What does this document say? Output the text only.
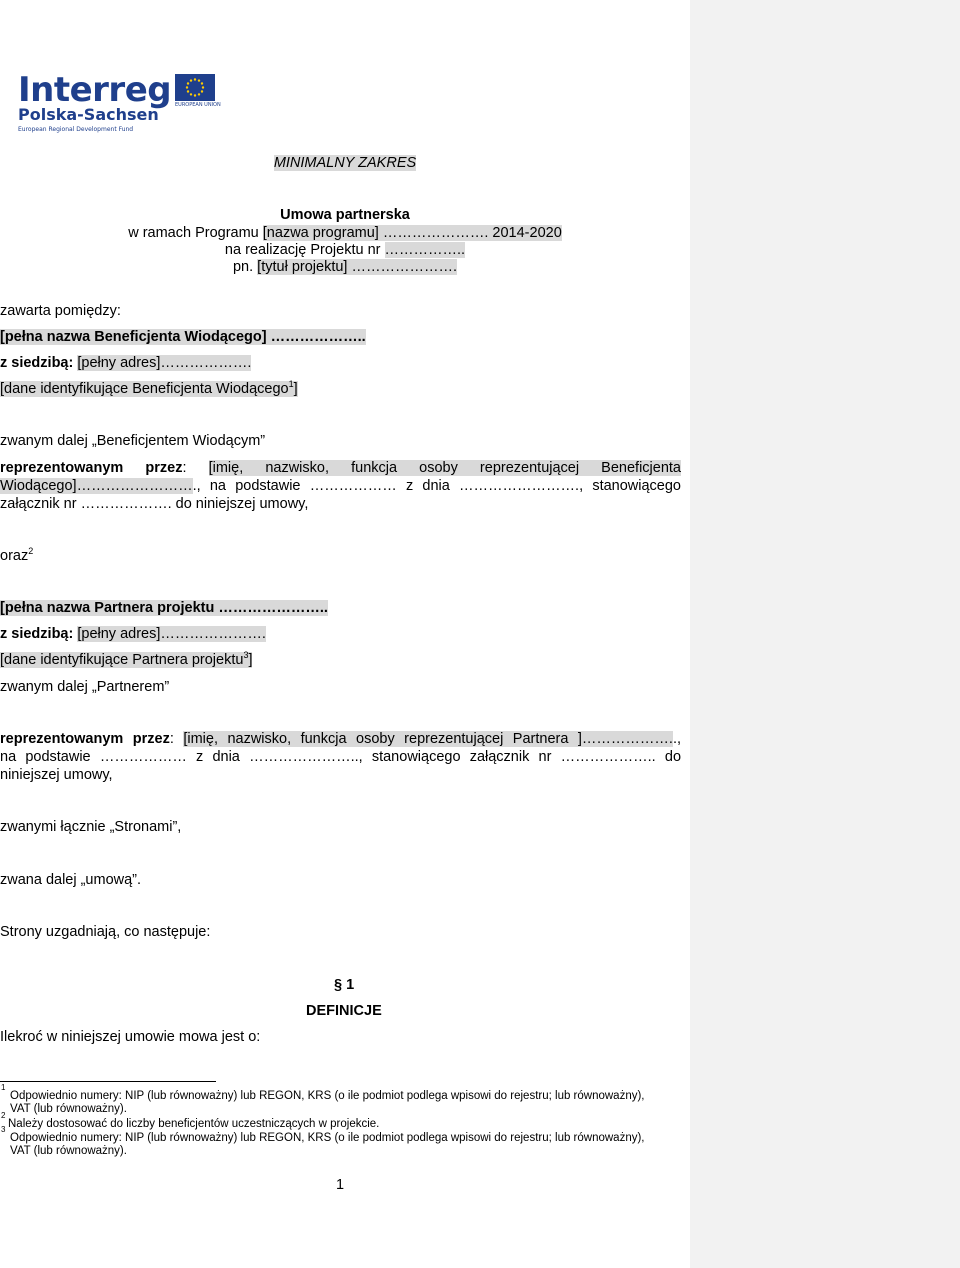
Interreg
Polska-Sachsen
European Regional Development Fund
EUROPEAN UNION
MINIMALNY ZAKRES
Umowa partnerska
w ramach Programu [nazwa programu] …………………. 2014-2020
na realizację Projektu nr ……………..
pn. [tytuł projektu] ………………….
zawarta pomiędzy:
[pełna nazwa Beneficjenta Wiodącego] ………………..
z siedzibą: [pełny adres]……………….
[dane identyfikujące Beneficjenta Wiodącego$^1$]
zwanym dalej „Beneficjentem Wiodącym”
reprezentowanym przez: [imię, nazwisko, funkcja osoby reprezentującej Beneficjenta
Wiodącego]……………………., na podstawie ……………… z dnia ……………………., stanowiącego
załącznik nr ………………. do niniejszej umowy,
oraz$^2$
[pełna nazwa Partnera projektu …………………..
z siedzibą: [pełny adres]………………….
[dane identyfikujące Partnera projektu$^3$]
zwanym dalej „Partnerem”
reprezentowanym przez: [imię, nazwisko, funkcja osoby reprezentującej Partnera ]………………..,
na podstawie ……………… z dnia ………………….., stanowiącego załącznik nr ……………….. do
niniejszej umowy,
zwanymi łącznie „Stronami”,
zwana dalej „umową”.
Strony uzgadniają, co następuje:
§ 1
DEFINICJE
Ilekroć w niniejszej umowie mowa jest o:
1
Odpowiednio numery: NIP (lub równoważny) lub REGON, KRS (o ile podmiot podlega wpisowi do rejestru; lub równoważny),
VAT (lub równoważny).
2
Należy dostosować do liczby beneficjentów uczestniczących w projekcie.
3
Odpowiednio numery: NIP (lub równoważny) lub REGON, KRS (o ile podmiot podlega wpisowi do rejestru; lub równoważny),
VAT (lub równoważny).
1
